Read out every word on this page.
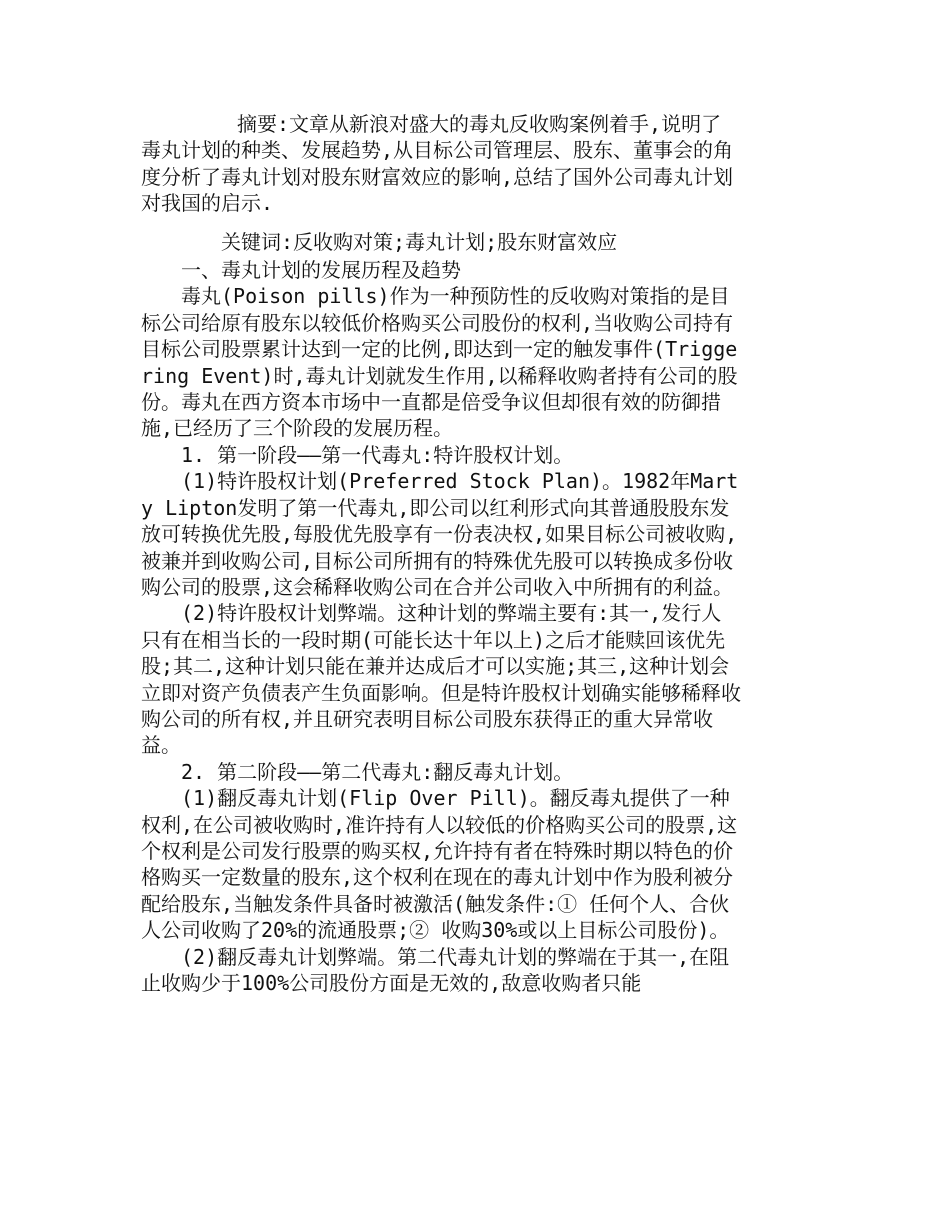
摘要:文章从新浪对盛大的毒丸反收购案例着手,说明了毒丸计划的种类、发展趋势,从目标公司管理层、股东、董事会的角度分析了毒丸计划对股东财富效应的影响,总结了国外公司毒丸计划对我国的启示.

关键词:反收购对策;毒丸计划;股东财富效应

一、毒丸计划的发展历程及趋势

毒丸(Poison pills)作为一种预防性的反收购对策指的是目标公司给原有股东以较低价格购买公司股份的权利,当收购公司持有目标公司股票累计达到一定的比例,即达到一定的触发事件(Triggering Event)时,毒丸计划就发生作用,以稀释收购者持有公司的股份。毒丸在西方资本市场中一直都是倍受争议但却很有效的防御措施,已经历了三个阶段的发展历程。

1. 第一阶段——第一代毒丸:特许股权计划。

(1)特许股权计划(Preferred Stock Plan)。1982年Marty Lipton发明了第一代毒丸,即公司以红利形式向其普通股股东发放可转换优先股,每股优先股享有一份表决权,如果目标公司被收购,被兼并到收购公司,目标公司所拥有的特殊优先股可以转换成多份收购公司的股票,这会稀释收购公司在合并公司收入中所拥有的利益。

(2)特许股权计划弊端。这种计划的弊端主要有:其一,发行人只有在相当长的一段时期(可能长达十年以上)之后才能赎回该优先股;其二,这种计划只能在兼并达成后才可以实施;其三,这种计划会立即对资产负债表产生负面影响。但是特许股权计划确实能够稀释收购公司的所有权,并且研究表明目标公司股东获得正的重大异常收益。

2. 第二阶段——第二代毒丸:翻反毒丸计划。

(1)翻反毒丸计划(Flip Over Pill)。翻反毒丸提供了一种权利,在公司被收购时,准许持有人以较低的价格购买公司的股票,这个权利是公司发行股票的购买权,允许持有者在特殊时期以特色的价格购买一定数量的股东,这个权利在现在的毒丸计划中作为股利被分配给股东,当触发条件具备时被激活(触发条件:① 任何个人、合伙人公司收购了20%的流通股票;② 收购30%或以上目标公司股份)。

(2)翻反毒丸计划弊端。第二代毒丸计划的弊端在于其一,在阻止收购少于100%公司股份方面是无效的,敌意收购者只能
